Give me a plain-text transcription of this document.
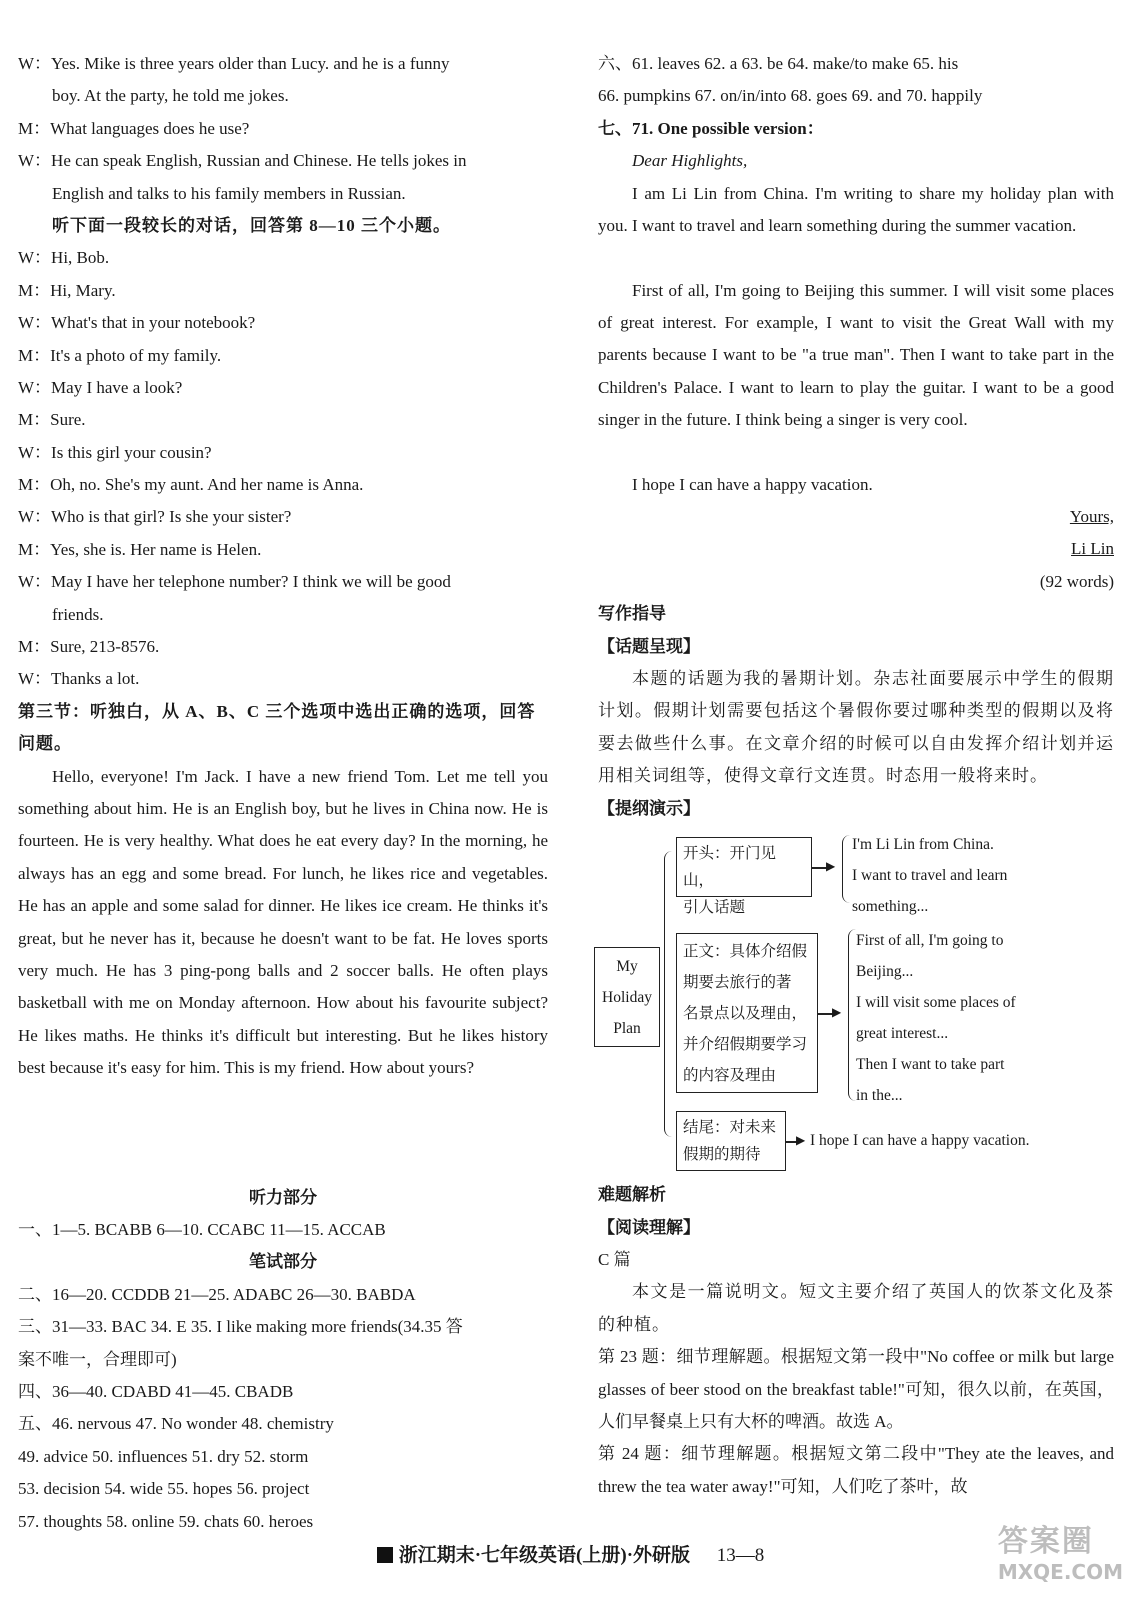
W：Yes. Mike is three years older than Lucy. and he is a funny
boy. At the party, he told me jokes.
M：What languages does he use?
W：He can speak English, Russian and Chinese. He tells jokes in
English and talks to his family members in Russian.
听下面一段较长的对话，回答第 8—10 三个小题。
W：Hi, Bob.
M：Hi, Mary.
W：What's that in your notebook?
M：It's a photo of my family.
W：May I have a look?
M：Sure.
W：Is this girl your cousin?
M：Oh, no. She's my aunt. And her name is Anna.
W：Who is that girl? Is she your sister?
M：Yes, she is. Her name is Helen.
W：May I have her telephone number? I think we will be good
friends.
M：Sure, 213-8576.
W：Thanks a lot.
第三节：听独白，从 A、B、C 三个选项中选出正确的选项，回答
问题。
Hello, everyone! I'm Jack. I have a new friend Tom. Let me tell you something about him. He is an English boy, but he lives in China now. He is fourteen. He is very healthy. What does he eat every day? In the morning, he always has an egg and some bread. For lunch, he likes rice and vegetables. He has an apple and some salad for dinner. He likes ice cream. He thinks it's great, but he never has it, because he doesn't want to be fat. He loves sports very much. He has 3 ping-pong balls and 2 soccer balls. He often plays basketball with me on Monday afternoon. How about his favourite subject? He likes maths. He thinks it's difficult but interesting. But he likes history best because it's easy for him. This is my friend. How about yours?
听力部分
一、1—5. BCABB 6—10. CCABC 11—15. ACCAB
笔试部分
二、16—20. CCDDB 21—25. ADABC 26—30. BABDA
三、31—33. BAC 34. E 35. I like making more friends(34.35 答
案不唯一，合理即可)
四、36—40. CDABD 41—45. CBADB
五、46. nervous 47. No wonder 48. chemistry
49. advice 50. influences 51. dry 52. storm
53. decision 54. wide 55. hopes 56. project
57. thoughts 58. online 59. chats 60. heroes
六、61. leaves 62. a 63. be 64. make/to make 65. his
66. pumpkins 67. on/in/into 68. goes 69. and 70. happily
七、71. One possible version：
Dear Highlights,
I am Li Lin from China. I'm writing to share my holiday plan with you. I want to travel and learn something during the summer vacation.
First of all, I'm going to Beijing this summer. I will visit some places of great interest. For example, I want to visit the Great Wall with my parents because I want to be "a true man". Then I want to take part in the Children's Palace. I want to learn to play the guitar. I want to be a good singer in the future. I think being a singer is very cool.
I hope I can have a happy vacation.
Yours,
Li Lin
(92 words)
写作指导
【话题呈现】
本题的话题为我的暑期计划。杂志社面要展示中学生的假期计划。假期计划需要包括这个暑假你要过哪种类型的假期以及将要去做些什么事。在文章介绍的时候可以自由发挥介绍计划并运用相关词组等，使得文章行文连贯。时态用一般将来时。
【提纲演示】
My
Holiday
Plan
开头：开门见山，
引人话题
▶
I'm Li Lin from China.
I want to travel and learn
something...
正文：具体介绍假
期要去旅行的著
名景点以及理由，
并介绍假期要学习
的内容及理由
▶
First of all, I'm going to
Beijing...
I will visit some places of
great interest...
Then I want to take part
in the...
结尾：对未来
假期的期待
▶ I hope I can have a happy vacation.
难题解析
【阅读理解】
C 篇
本文是一篇说明文。短文主要介绍了英国人的饮茶文化及茶的种植。
第 23 题：细节理解题。根据短文第一段中"No coffee or milk but large glasses of beer stood on the breakfast table!"可知，很久以前，在英国，人们早餐桌上只有大杯的啤酒。故选 A。
第 24 题：细节理解题。根据短文第二段中"They ate the leaves, and threw the tea water away!"可知，人们吃了茶叶，故
浙江期末·七年级英语(上册)·外研版 13—8	答案圈
MXQE.COM
